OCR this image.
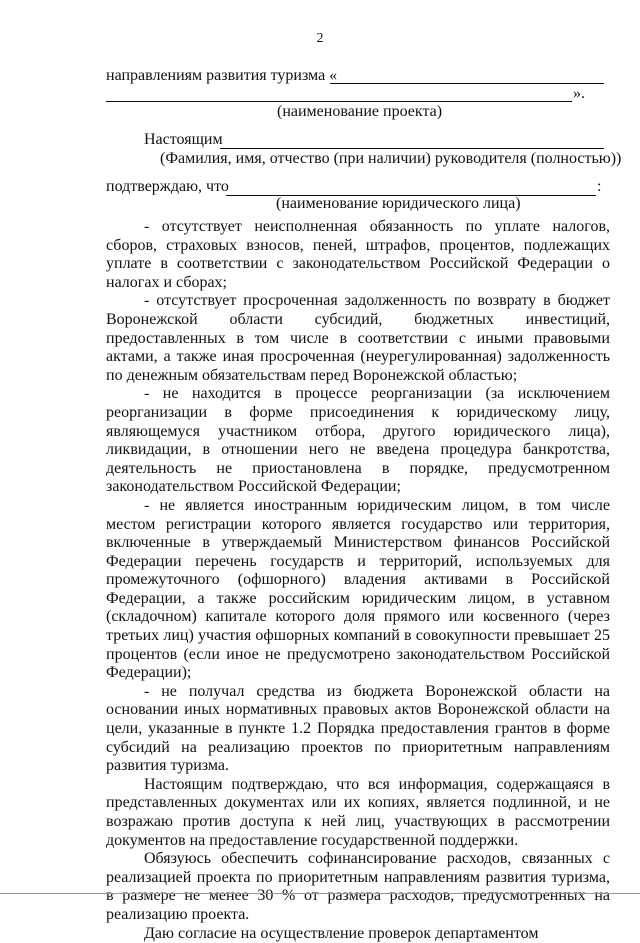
2
направлениям развития туризма «
».
(наименование проекта)
Настоящим
(Фамилия, имя, отчество (при наличии) руководителя (полностью))
подтверждаю, что	:
(наименование юридического лица)

- отсутствует неисполненная обязанность по уплате налогов, сборов, страховых взносов, пеней, штрафов, процентов, подлежащих уплате в соответствии с законодательством Российской Федерации о налогах и сборах;

- отсутствует просроченная задолженность по возврату в бюджет Воронежской области субсидий, бюджетных инвестиций, предоставленных в том числе в соответствии с иными правовыми актами, а также иная просроченная (неурегулированная) задолженность по денежным обязательствам перед Воронежской областью;

- не находится в процессе реорганизации (за исключением реорганизации в форме присоединения к юридическому лицу, являющемуся участником отбора, другого юридического лица), ликвидации, в отношении него не введена процедура банкротства, деятельность не приостановлена в порядке, предусмотренном законодательством Российской Федерации;

- не является иностранным юридическим лицом, в том числе местом регистрации которого является государство или территория, включенные в утверждаемый Министерством финансов Российской Федерации перечень государств и территорий, используемых для промежуточного (офшорного) владения активами в Российской Федерации, а также российским юридическим лицом, в уставном (складочном) капитале которого доля прямого или косвенного (через третьих лиц) участия офшорных компаний в совокупности превышает 25 процентов (если иное не предусмотрено законодательством Российской Федерации);

- не получал средства из бюджета Воронежской области на основании иных нормативных правовых актов Воронежской области на цели, указанные в пункте 1.2 Порядка предоставления грантов в форме субсидий на реализацию проектов по приоритетным направлениям развития туризма.

Настоящим подтверждаю, что вся информация, содержащаяся в представленных документах или их копиях, является подлинной, и не возражаю против доступа к ней лиц, участвующих в рассмотрении документов на предоставление государственной поддержки.

Обязуюсь обеспечить софинансирование расходов, связанных с реализацией проекта по приоритетным направлениям развития туризма, в размере не менее 30 % от размера расходов, предусмотренных на реализацию проекта.

Даю согласие на осуществление проверок департаментом
